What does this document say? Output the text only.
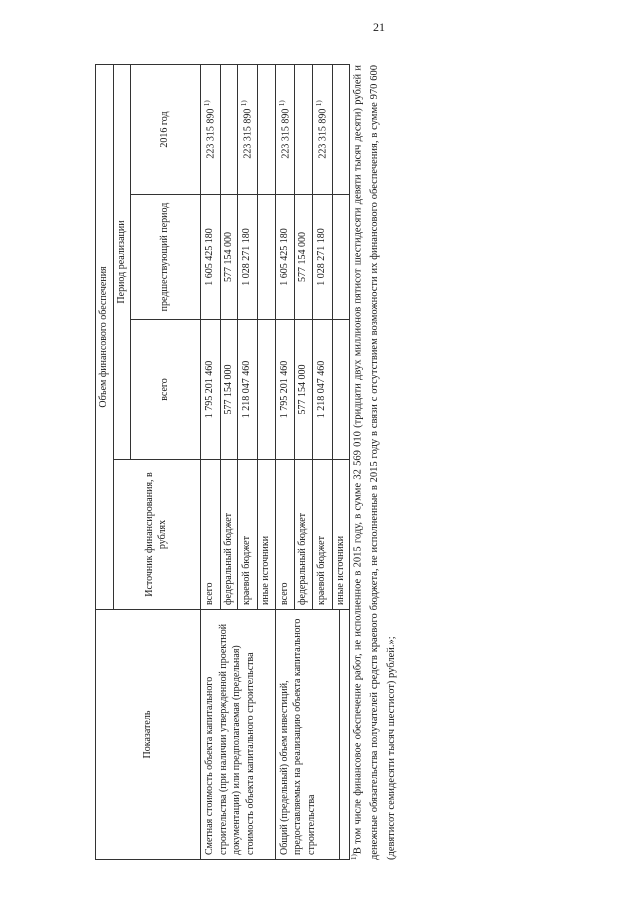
21
Показатель	Объем финансового обеспечения			
	Источник финансирования, в рублях	Период реализации		
		всего	предшествующий период	2016 год
Сметная стоимость объекта капитального строительства (при наличии утвержденной проектной документации) или предполагаемая (предельная) стоимость объекта капитального строительства	всего	1 795 201 460	1 605 425 180	223 315 890 $^{1)}$
	федеральный бюджет	577 154 000	577 154 000	
	краевой бюджет	1 218 047 460	1 028 271 180	223 315 890 $^{1)}$
	иные источники			
Общий (предельный) объем инвестиций, предоставляемых на реализацию объекта капитального строительства	всего	1 795 201 460	1 605 425 180	223 315 890 $^{1)}$
	федеральный бюджет	577 154 000	577 154 000	
	краевой бюджет	1 218 047 460	1 028 271 180	223 315 890 $^{1)}$
	иные источники			
$^{1)}$В том числе финансовое обеспечение работ, не исполненное в 2015 году, в сумме 32 569 010 (тридцати двух миллионов пятисот шестидесяти девяти тысяч десяти) рублей и денежные обязательства получателей средств краевого бюджета, не исполненные в 2015 году в связи с отсутствием возможности их финансового обеспечения, в сумме 970 600 (девятисот семидесяти тысяч шестисот) рублей.»;
